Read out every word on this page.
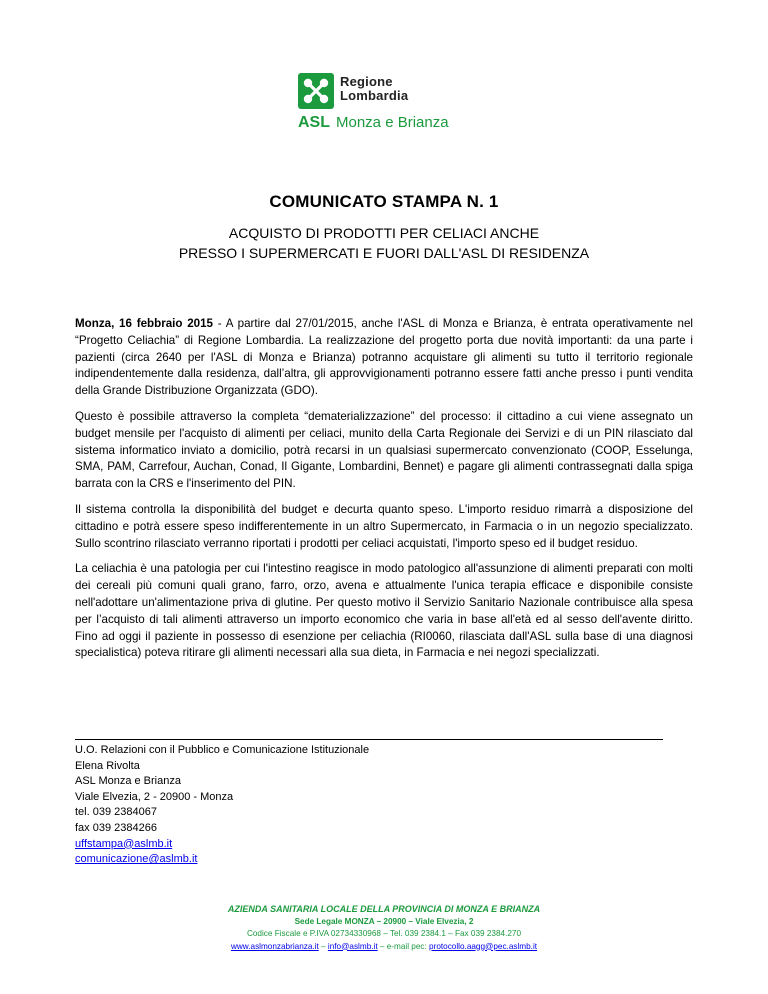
Regione
Lombardia
ASL Monza e Brianza
COMUNICATO STAMPA N. 1
ACQUISTO DI PRODOTTI PER CELIACI ANCHE
PRESSO I SUPERMERCATI E FUORI DALL'ASL DI RESIDENZA

Monza, 16 febbraio 2015 - A partire dal 27/01/2015, anche l'ASL di Monza e Brianza, è entrata operativamente nel “Progetto Celiachia” di Regione Lombardia. La realizzazione del progetto porta due novità importanti: da una parte i pazienti (circa 2640 per l'ASL di Monza e Brianza) potranno acquistare gli alimenti su tutto il territorio regionale indipendentemente dalla residenza, dall’altra, gli approvvigionamenti potranno essere fatti anche presso i punti vendita della Grande Distribuzione Organizzata (GDO).

Questo è possibile attraverso la completa “dematerializzazione” del processo: il cittadino a cui viene assegnato un budget mensile per l'acquisto di alimenti per celiaci, munito della Carta Regionale dei Servizi e di un PIN rilasciato dal sistema informatico inviato a domicilio, potrà recarsi in un qualsiasi supermercato convenzionato (COOP, Esselunga, SMA, PAM, Carrefour, Auchan, Conad, Il Gigante, Lombardini, Bennet) e pagare gli alimenti contrassegnati dalla spiga barrata con la CRS e l'inserimento del PIN.

Il sistema controlla la disponibilità del budget e decurta quanto speso. L'importo residuo rimarrà a disposizione del cittadino e potrà essere speso indifferentemente in un altro Supermercato, in Farmacia o in un negozio specializzato. Sullo scontrino rilasciato verranno riportati i prodotti per celiaci acquistati, l'importo speso ed il budget residuo.

La celiachia è una patologia per cui l'intestino reagisce in modo patologico all'assunzione di alimenti preparati con molti dei cereali più comuni quali grano, farro, orzo, avena e attualmente l'unica terapia efficace e disponibile consiste nell'adottare un'alimentazione priva di glutine. Per questo motivo il Servizio Sanitario Nazionale contribuisce alla spesa per l’acquisto di tali alimenti attraverso un importo economico che varia in base all'età ed al sesso dell'avente diritto. Fino ad oggi il paziente in possesso di esenzione per celiachia (RI0060, rilasciata dall'ASL sulla base di una diagnosi specialistica) poteva ritirare gli alimenti necessari alla sua dieta, in Farmacia e nei negozi specializzati.

U.O. Relazioni con il Pubblico e Comunicazione Istituzionale
Elena Rivolta
ASL Monza e Brianza
Viale Elvezia, 2 - 20900 - Monza
tel. 039 2384067
fax 039 2384266
uffstampa@aslmb.it
comunicazione@aslmb.it
AZIENDA SANITARIA LOCALE DELLA PROVINCIA DI MONZA E BRIANZA
Sede Legale MONZA – 20900 – Viale Elvezia, 2
Codice Fiscale e P.IVA 02734330968 – Tel. 039 2384.1 – Fax 039 2384.270
www.aslmonzabrianza.it – info@aslmb.it – e-mail pec: protocollo.aagg@pec.aslmb.it
